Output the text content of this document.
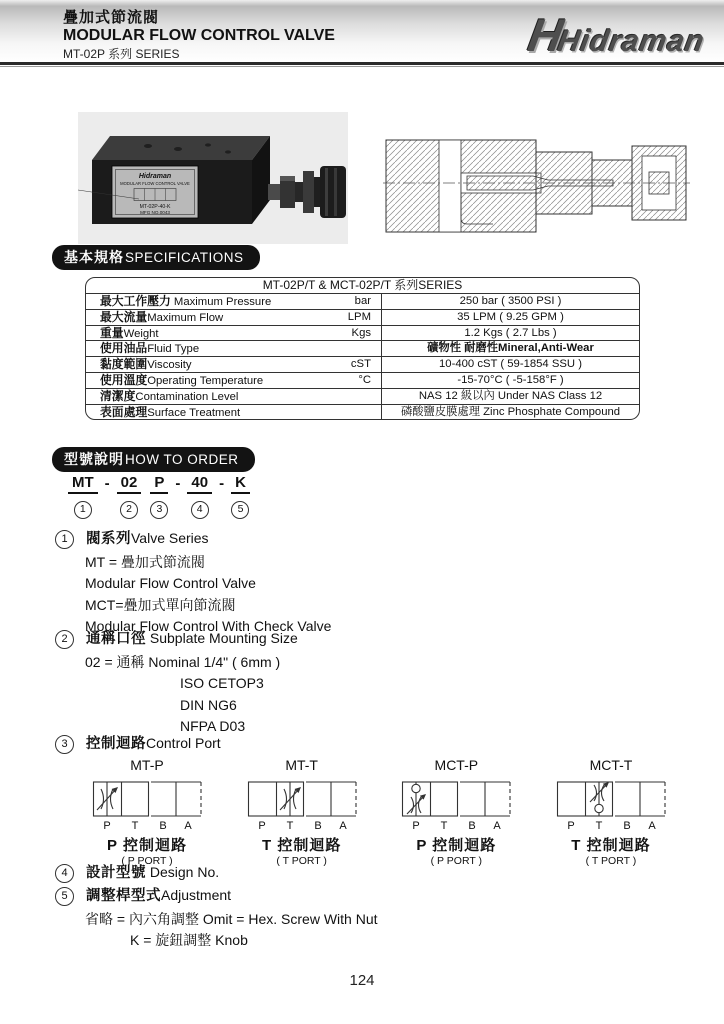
疊加式節流閥
MODULAR FLOW CONTROL VALVE
MT-02P 系列 SERIES	H
Hidraman
Hidraman
MODULAR FLOW CONTROL VALVE
MT-02P-40-K
MFG NO.0043
基本規格 SPECIFICATIONS
MT-02P/T & MCT-02P/T 系列SERIES
最大工作壓力 Maximum Pressure	bar	250 bar ( 3500 PSI )
最大流量Maximum Flow	LPM	35 LPM ( 9.25 GPM )
重量Weight	Kgs	1.2 Kgs ( 2.7 Lbs )
使用油品Fluid Type	礦物性 耐磨性Mineral,Anti-Wear
黏度範圍Viscosity	cST	10-400 cST ( 59-1854 SSU )
使用溫度Operating Temperature	°C	-15-70°C ( -5-158°F )
清潔度Contamination Level	NAS 12 級以內 Under NAS Class 12
表面處理Surface Treatment	磷酸鹽皮膜處理 Zinc Phosphate Compound
型號說明 HOW TO ORDER
MT
1
- 02
2
P
3
- 40
4
- K
5
1	閥系列Valve Series
MT = 疊加式節流閥
Modular Flow Control Valve
MCT=疊加式單向節流閥
Modular Flow Control With Check Valve
2	通稱口徑 Subplate Mounting Size
02 = 通稱 Nominal 1/4" ( 6mm )
ISO CETOP3
DIN NG6
NFPA D03
3	控制迴路Control Port
MT-P
P T B A
P 控制迴路
( P PORT )
MT-T
P T B A
T 控制迴路
( T PORT )
MCT-P
P T B A
P 控制迴路
( P PORT )
MCT-T
P T B A
T 控制迴路
( T PORT )
4	設計型號 Design No.
5	調整桿型式Adjustment
省略 = 內六角調整 Omit = Hex. Screw With Nut
K = 旋鈕調整 Knob
124
